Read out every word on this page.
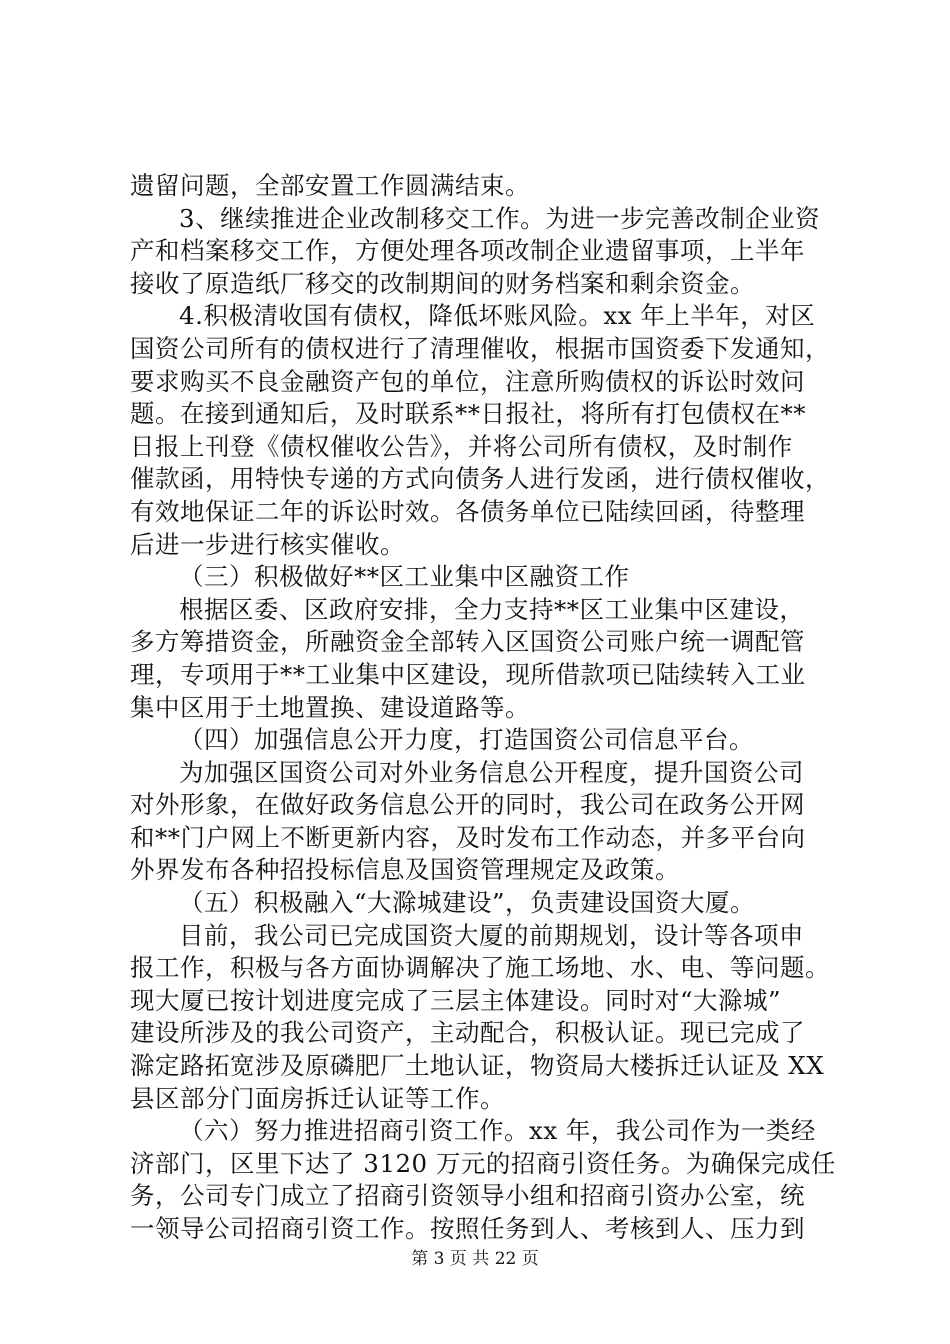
遗留问题，全部安置工作圆满结束。
3、继续推进企业改制移交工作。为进一步完善改制企业资
产和档案移交工作，方便处理各项改制企业遗留事项，上半年
接收了原造纸厂移交的改制期间的财务档案和剩余资金。
4.积极清收国有债权，降低坏账风险。xx 年上半年，对区
国资公司所有的债权进行了清理催收，根据市国资委下发通知，
要求购买不良金融资产包的单位，注意所购债权的诉讼时效问
题。在接到通知后，及时联系**日报社，将所有打包债权在**
日报上刊登《债权催收公告》，并将公司所有债权，及时制作
催款函，用特快专递的方式向债务人进行发函，进行债权催收，
有效地保证二年的诉讼时效。各债务单位已陆续回函，待整理
后进一步进行核实催收。
（三）积极做好**区工业集中区融资工作
根据区委、区政府安排，全力支持**区工业集中区建设，
多方筹措资金，所融资金全部转入区国资公司账户统一调配管
理，专项用于**工业集中区建设，现所借款项已陆续转入工业
集中区用于土地置换、建设道路等。
（四）加强信息公开力度，打造国资公司信息平台。
为加强区国资公司对外业务信息公开程度，提升国资公司
对外形象，在做好政务信息公开的同时，我公司在政务公开网
和**门户网上不断更新内容，及时发布工作动态，并多平台向
外界发布各种招投标信息及国资管理规定及政策。
（五）积极融入“大滁城建设”，负责建设国资大厦。
目前，我公司已完成国资大厦的前期规划，设计等各项申
报工作，积极与各方面协调解决了施工场地、水、电、等问题。
现大厦已按计划进度完成了三层主体建设。同时对“大滁城”
建设所涉及的我公司资产，主动配合，积极认证。现已完成了
滁定路拓宽涉及原磷肥厂土地认证，物资局大楼拆迁认证及 XX
县区部分门面房拆迁认证等工作。
（六）努力推进招商引资工作。xx 年，我公司作为一类经
济部门，区里下达了 3120 万元的招商引资任务。为确保完成任
务，公司专门成立了招商引资领导小组和招商引资办公室，统
一领导公司招商引资工作。按照任务到人、考核到人、压力到
第 3 页 共 22 页
